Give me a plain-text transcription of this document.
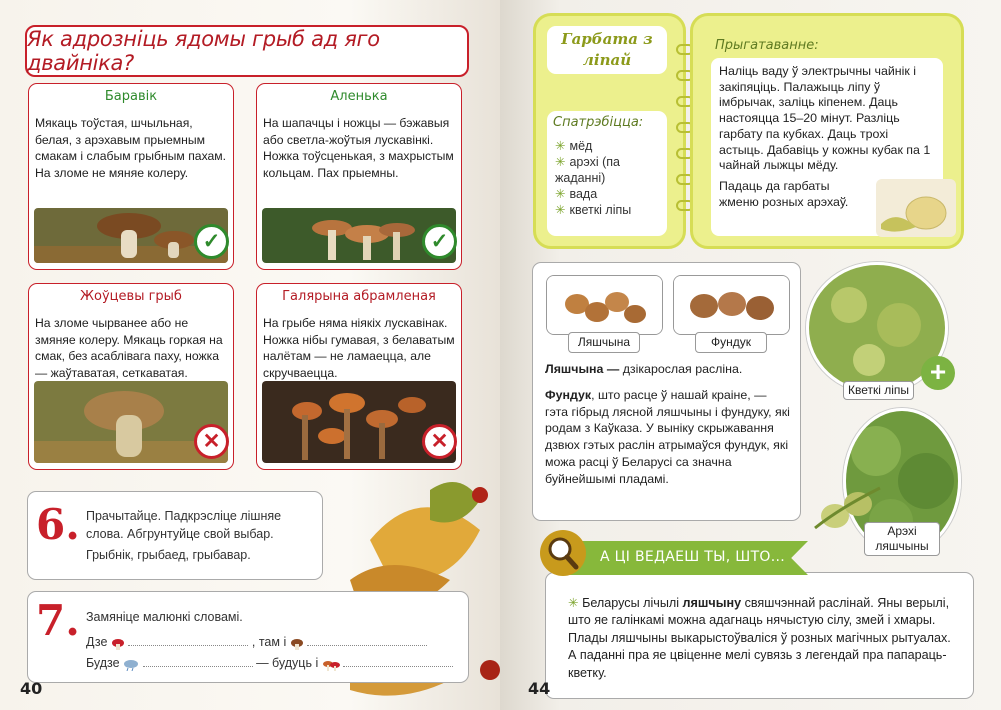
Як адрозніць ядомы грыб ад яго двайніка?
Баравік
Мякаць тоўстая, шчыльная, белая, з арэхавым прыемным смакам і слабым грыбным пахам. На зломе не мяняе колеру.
✓
Аленька
На шапачцы і ножцы — бэжавыя або светла-жоўтыя лускавінкі. Ножка тоўсценькая, з махрыстым кольцам. Пах прыемны.
✓
Жоўцевы грыб
На зломе чырванее або не змяняе колеру. Мякаць горкая на смак, без асаблівага паху, ножка — жаўтаватая, сеткаватая.
✕
Галярына абрамленая
На грыбе няма ніякіх лускавінак. Ножка нібы гумавая, з белаватым налётам — не ламаецца, але скручваецца.
✕
6. Прачытайце. Падкрэсліце лішняе слова. Абгрунтуйце свой выбар.
Грыбнік, грыбаед, грыбавар.
7. Замяніце малюнкі словамі.
Дзе	, там і
Будзе	— будуць і
40
Гарбата з ліпай
Спатрэбіцца:
✳ мёд
✳ арэхі (па жаданні)
✳ вада
✳ кветкі ліпы
Прыгатаванне:
Наліць ваду ў электрычны чайнік і закіпяціць. Палажыць ліпу ў імбрычак, заліць кіпенем. Даць настояцца 15–20 мінут. Разліць гарбату па кубках. Даць трохі астыць. Дабавіць у кожны кубак па 1 чайнай лыжцы мёду.
Падаць да гарбаты жменю розных арэхаў.
Ляшчына	Фундук
Ляшчына — дзікарослая расліна.
Фундук, што расце ў нашай краіне, — гэта гібрыд лясной ляшчыны і фундуку, які родам з Каўказа. У выніку скрыжавання дзвюх гэтых раслін атрымаўся фундук, які можа расці ў Беларусі са значна буйнейшымі пладамі.
+
Кветкі ліпы
Арэхі ляшчыны
✳ Беларусы лічылі ляшчыну свяшчэннай раслінай. Яны верылі, што яе галінкамі можна адагнаць нячыстую сілу, змей і хмары. Плады ляшчыны выкарыстоўваліся ў розных магічных рытуалах. А паданні пра яе цвіценне мелі сувязь з легендай пра папараць-кветку.
А ЦІ ВЕДАЕШ ТЫ, ШТО...
44
